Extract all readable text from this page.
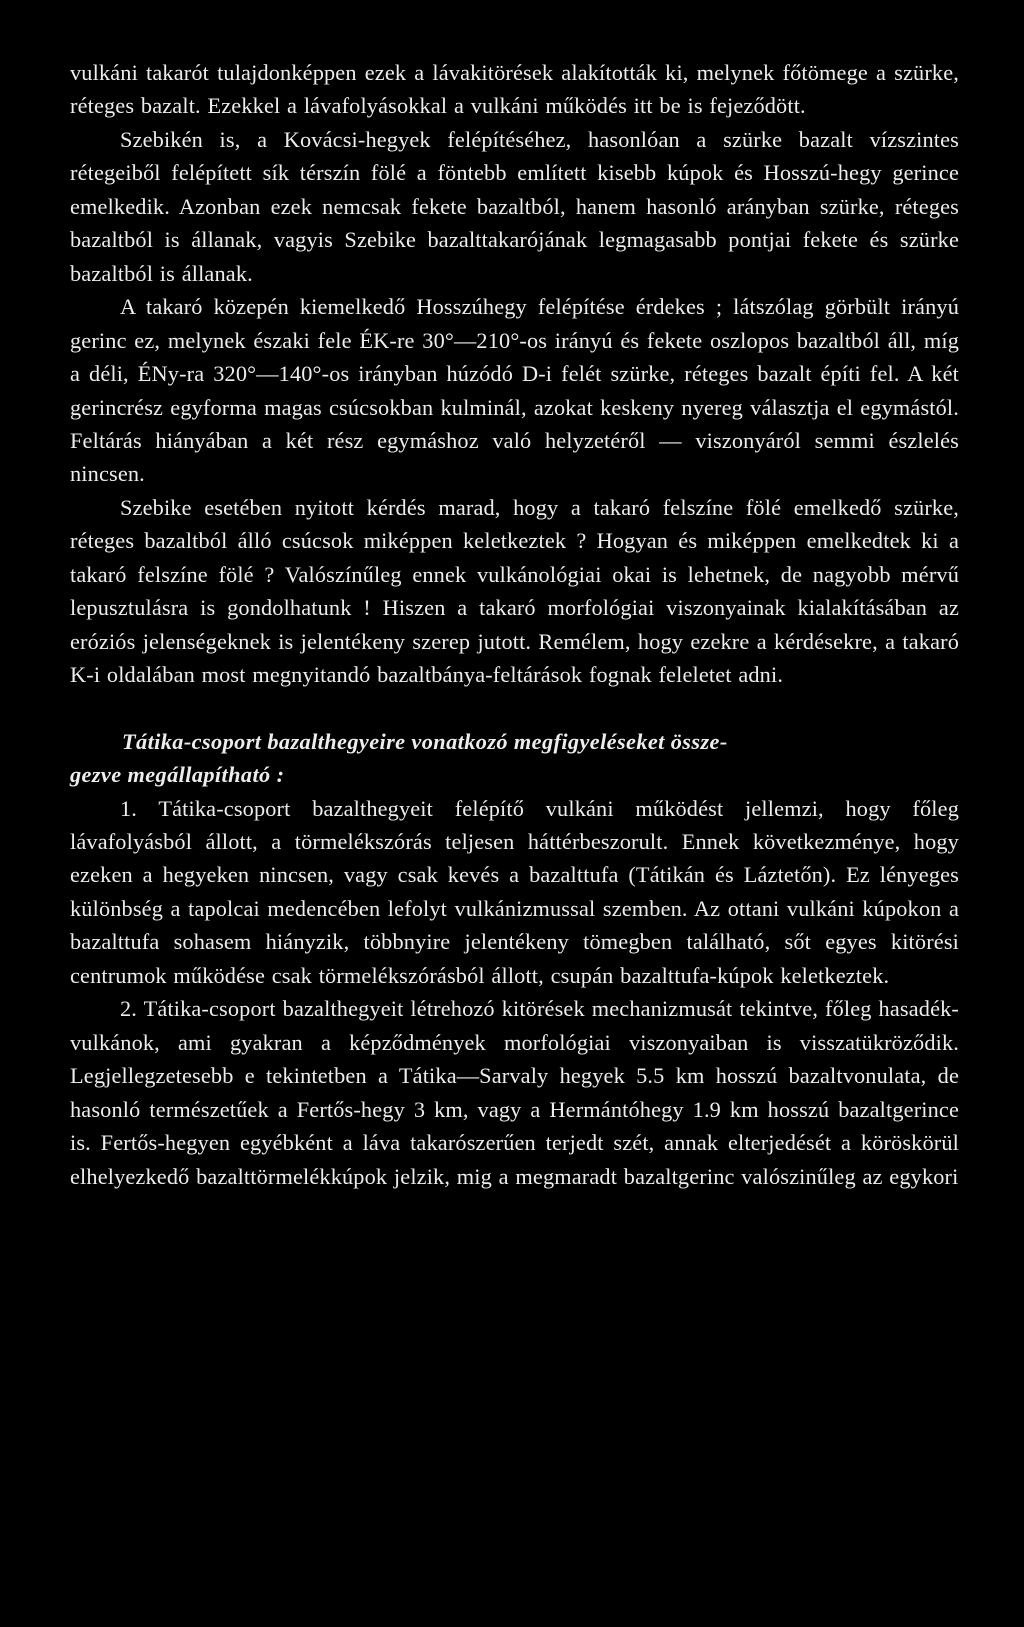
vulkáni takarót tulajdonképpen ezek a lávakitörések alakították ki, melynek főtömege a szürke, réteges bazalt. Ezekkel a lávafolyásokkal a vulkáni működés itt be is fejeződött.

Szebikén is, a Kovácsi-hegyek felépítéséhez, hasonlóan a szürke bazalt vízszintes rétegeiből felépített sík térszín fölé a föntebb említett kisebb kúpok és Hosszú-hegy gerince emelkedik. Azonban ezek nemcsak fekete bazaltból, hanem hasonló arányban szürke, réteges bazaltból is állanak, vagyis Szebike bazalttakarójának legmagasabb pontjai fekete és szürke bazaltból is állanak.

A takaró közepén kiemelkedő Hosszúhegy felépítése érdekes ; látszólag görbült irányú gerinc ez, melynek északi fele ÉK-re 30°—210°-os irányú és fekete oszlopos bazaltból áll, míg a déli, ÉNy-ra 320°—140°-os irányban húzódó D-i felét szürke, réteges bazalt építi fel. A két gerincrész egyforma magas csúcsokban kulminál, azokat keskeny nyereg választja el egymástól. Feltárás hiányában a két rész egymáshoz való helyzetéről — viszonyáról semmi észlelés nincsen.

Szebike esetében nyitott kérdés marad, hogy a takaró felszíne fölé emelkedő szürke, réteges bazaltból álló csúcsok miképpen keletkeztek ? Hogyan és miképpen emelkedtek ki a takaró felszíne fölé ? Valószínűleg ennek vulkánológiai okai is lehetnek, de nagyobb mérvű lepusztulásra is gondolhatunk ! Hiszen a takaró morfológiai viszonyainak kialakításában az eróziós jelenségeknek is jelentékeny szerep jutott. Remélem, hogy ezekre a kérdésekre, a takaró K-i oldalában most megnyitandó bazaltbánya-feltárások fognak feleletet adni.

Tátika-csoport bazalthegyeire vonatkozó megfigyeléseket össze-
gezve megállapítható :

1. Tátika-csoport bazalthegyeit felépítő vulkáni működést jellemzi, hogy főleg lávafolyásból állott, a törmelékszórás teljesen háttérbeszorult. Ennek következménye, hogy ezeken a hegyeken nincsen, vagy csak kevés a bazalttufa (Tátikán és Láztetőn). Ez lényeges különbség a tapolcai medencében lefolyt vulkánizmussal szemben. Az ottani vulkáni kúpokon a bazalttufa sohasem hiányzik, többnyire jelentékeny tömegben található, sőt egyes kitörési centrumok működése csak törmelékszórásból állott, csupán bazalttufa-kúpok keletkeztek.

2. Tátika-csoport bazalthegyeit létrehozó kitörések mechanizmusát tekintve, főleg hasadék-vulkánok, ami gyakran a képződmények morfológiai viszonyaiban is visszatükröződik. Legjellegzetesebb e tekintetben a Tátika—Sarvaly hegyek 5.5 km hosszú bazaltvonulata, de hasonló természetűek a Fertős-hegy 3 km, vagy a Hermántóhegy 1.9 km hosszú bazaltgerince is. Fertős-hegyen egyébként a láva takarószerűen terjedt szét, annak elterjedését a köröskörül elhelyezkedő bazalttörmelékkúpok jelzik, mig a megmaradt bazaltgerinc valószinűleg az egykori
